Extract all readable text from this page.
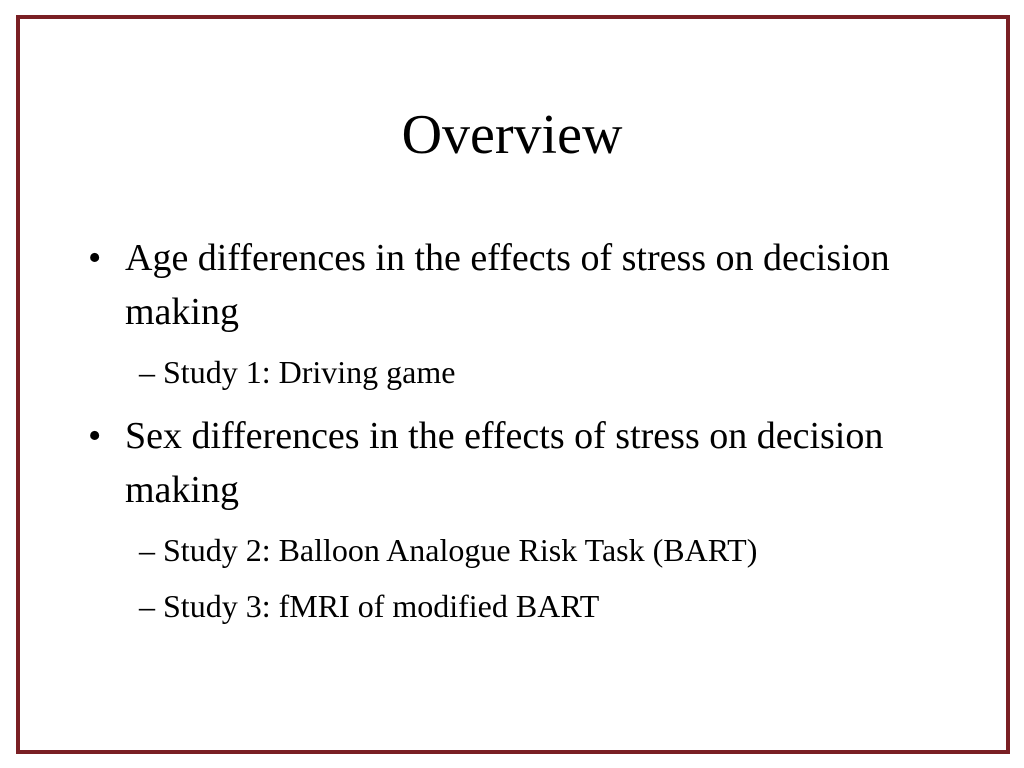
Overview
• Age differences in the effects of stress on decision making
– Study 1: Driving game
• Sex differences in the effects of stress on decision making
– Study 2: Balloon Analogue Risk Task (BART)
– Study 3: fMRI of modified BART
